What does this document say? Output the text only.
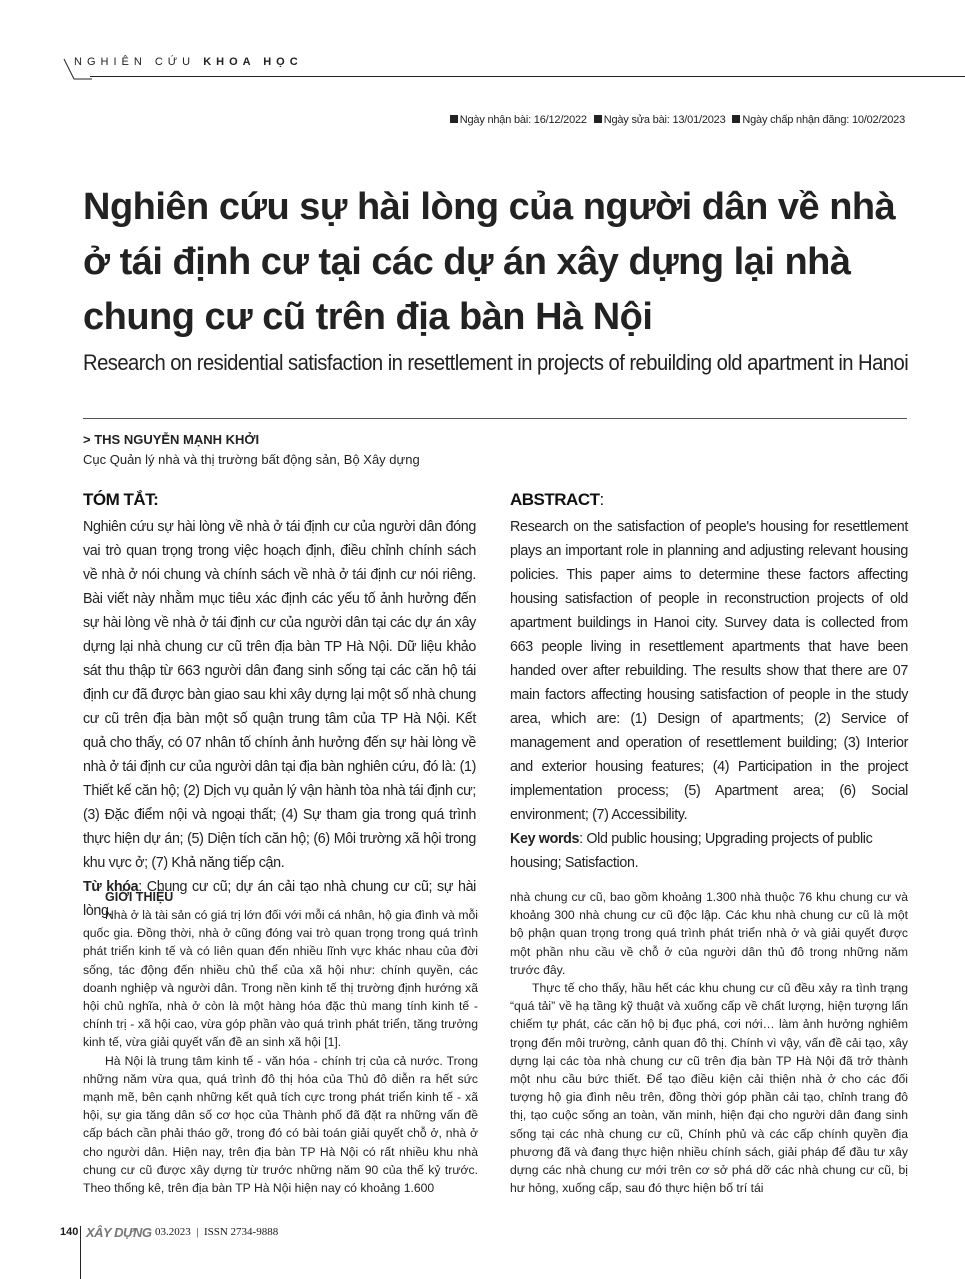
NGHIÊN CỨU KHOA HỌC
Ngày nhận bài: 16/12/2022 Ngày sửa bài: 13/01/2023 Ngày chấp nhận đăng: 10/02/2023
Nghiên cứu sự hài lòng của người dân về nhà ở tái định cư tại các dự án xây dựng lại nhà chung cư cũ trên địa bàn Hà Nội
Research on residential satisfaction in resettlement in projects of rebuilding old apartment in Hanoi
> THS NGUYỄN MẠNH KHỞI
Cục Quản lý nhà và thị trường bất động sản, Bộ Xây dựng
TÓM TẮT:
Nghiên cứu sự hài lòng về nhà ở tái định cư của người dân đóng vai trò quan trọng trong việc hoạch định, điều chỉnh chính sách về nhà ở nói chung và chính sách về nhà ở tái định cư nói riêng. Bài viết này nhằm mục tiêu xác định các yếu tố ảnh hưởng đến sự hài lòng về nhà ở tái định cư của người dân tại các dự án xây dựng lại nhà chung cư cũ trên địa bàn TP Hà Nội. Dữ liệu khảo sát thu thập từ 663 người dân đang sinh sống tại các căn hộ tái định cư đã được bàn giao sau khi xây dựng lại một số nhà chung cư cũ trên địa bàn một số quận trung tâm của TP Hà Nội. Kết quả cho thấy, có 07 nhân tố chính ảnh hưởng đến sự hài lòng về nhà ở tái định cư của người dân tại địa bàn nghiên cứu, đó là: (1) Thiết kế căn hộ; (2) Dịch vụ quản lý vận hành tòa nhà tái định cư; (3) Đặc điểm nội và ngoại thất; (4) Sự tham gia trong quá trình thực hiện dự án; (5) Diện tích căn hộ; (6) Môi trường xã hội trong khu vực ở; (7) Khả năng tiếp cận.
Từ khóa: Chung cư cũ; dự án cải tạo nhà chung cư cũ; sự hài lòng.
ABSTRACT:
Research on the satisfaction of people's housing for resettlement plays an important role in planning and adjusting relevant housing policies. This paper aims to determine these factors affecting housing satisfaction of people in reconstruction projects of old apartment buildings in Hanoi city. Survey data is collected from 663 people living in resettlement apartments that have been handed over after rebuilding. The results show that there are 07 main factors affecting housing satisfaction of people in the study area, which are: (1) Design of apartments; (2) Service of management and operation of resettlement building; (3) Interior and exterior housing features; (4) Participation in the project implementation process; (5) Apartment area; (6) Social environment; (7) Accessibility.
Key words: Old public housing; Upgrading projects of public housing; Satisfaction.
GIỚI THIỆU

Nhà ở là tài sản có giá trị lớn đối với mỗi cá nhân, hộ gia đình và mỗi quốc gia. Đồng thời, nhà ở cũng đóng vai trò quan trọng trong quá trình phát triển kinh tế và có liên quan đến nhiều lĩnh vực khác nhau của đời sống, tác động đến nhiều chủ thể của xã hội như: chính quyền, các doanh nghiệp và người dân. Trong nền kinh tế thị trường định hướng xã hội chủ nghĩa, nhà ở còn là một hàng hóa đặc thù mang tính kinh tế - chính trị - xã hội cao, vừa góp phần vào quá trình phát triển, tăng trưởng kinh tế, vừa giải quyết vấn đề an sinh xã hội [1].

Hà Nội là trung tâm kinh tế - văn hóa - chính trị của cả nước. Trong những năm vừa qua, quá trình đô thị hóa của Thủ đô diễn ra hết sức mạnh mẽ, bên cạnh những kết quả tích cực trong phát triển kinh tế - xã hội, sự gia tăng dân số cơ học của Thành phố đã đặt ra những vấn đề cấp bách cần phải tháo gỡ, trong đó có bài toán giải quyết chỗ ở, nhà ở cho người dân. Hiện nay, trên địa bàn TP Hà Nội có rất nhiều khu nhà chung cư cũ được xây dựng từ trước những năm 90 của thế kỷ trước. Theo thống kê, trên địa bàn TP Hà Nội hiện nay có khoảng 1.600

nhà chung cư cũ, bao gồm khoảng 1.300 nhà thuộc 76 khu chung cư và khoảng 300 nhà chung cư cũ độc lập. Các khu nhà chung cư cũ là một bộ phận quan trọng trong quá trình phát triển nhà ở và giải quyết được một phần nhu cầu về chỗ ở của người dân thủ đô trong những năm trước đây.

Thực tế cho thấy, hầu hết các khu chung cư cũ đều xảy ra tình trạng “quá tải” về hạ tầng kỹ thuật và xuống cấp về chất lượng, hiện tượng lấn chiếm tự phát, các căn hộ bị đục phá, cơi nới… làm ảnh hưởng nghiêm trọng đến môi trường, cảnh quan đô thị. Chính vì vậy, vấn đề cải tạo, xây dựng lại các tòa nhà chung cư cũ trên địa bàn TP Hà Nội đã trở thành một nhu cầu bức thiết. Để tạo điều kiện cải thiện nhà ở cho các đối tượng hộ gia đình nêu trên, đồng thời góp phần cải tạo, chỉnh trang đô thị, tạo cuộc sống an toàn, văn minh, hiện đại cho người dân đang sinh sống tại các nhà chung cư cũ, Chính phủ và các cấp chính quyền địa phương đã và đang thực hiện nhiều chính sách, giải pháp để đầu tư xây dựng các nhà chung cư mới trên cơ sở phá dỡ các nhà chung cư cũ, bị hư hỏng, xuống cấp, sau đó thực hiện bố trí tái

140 XÂY DỰNG 03.2023  |  ISSN 2734-9888
